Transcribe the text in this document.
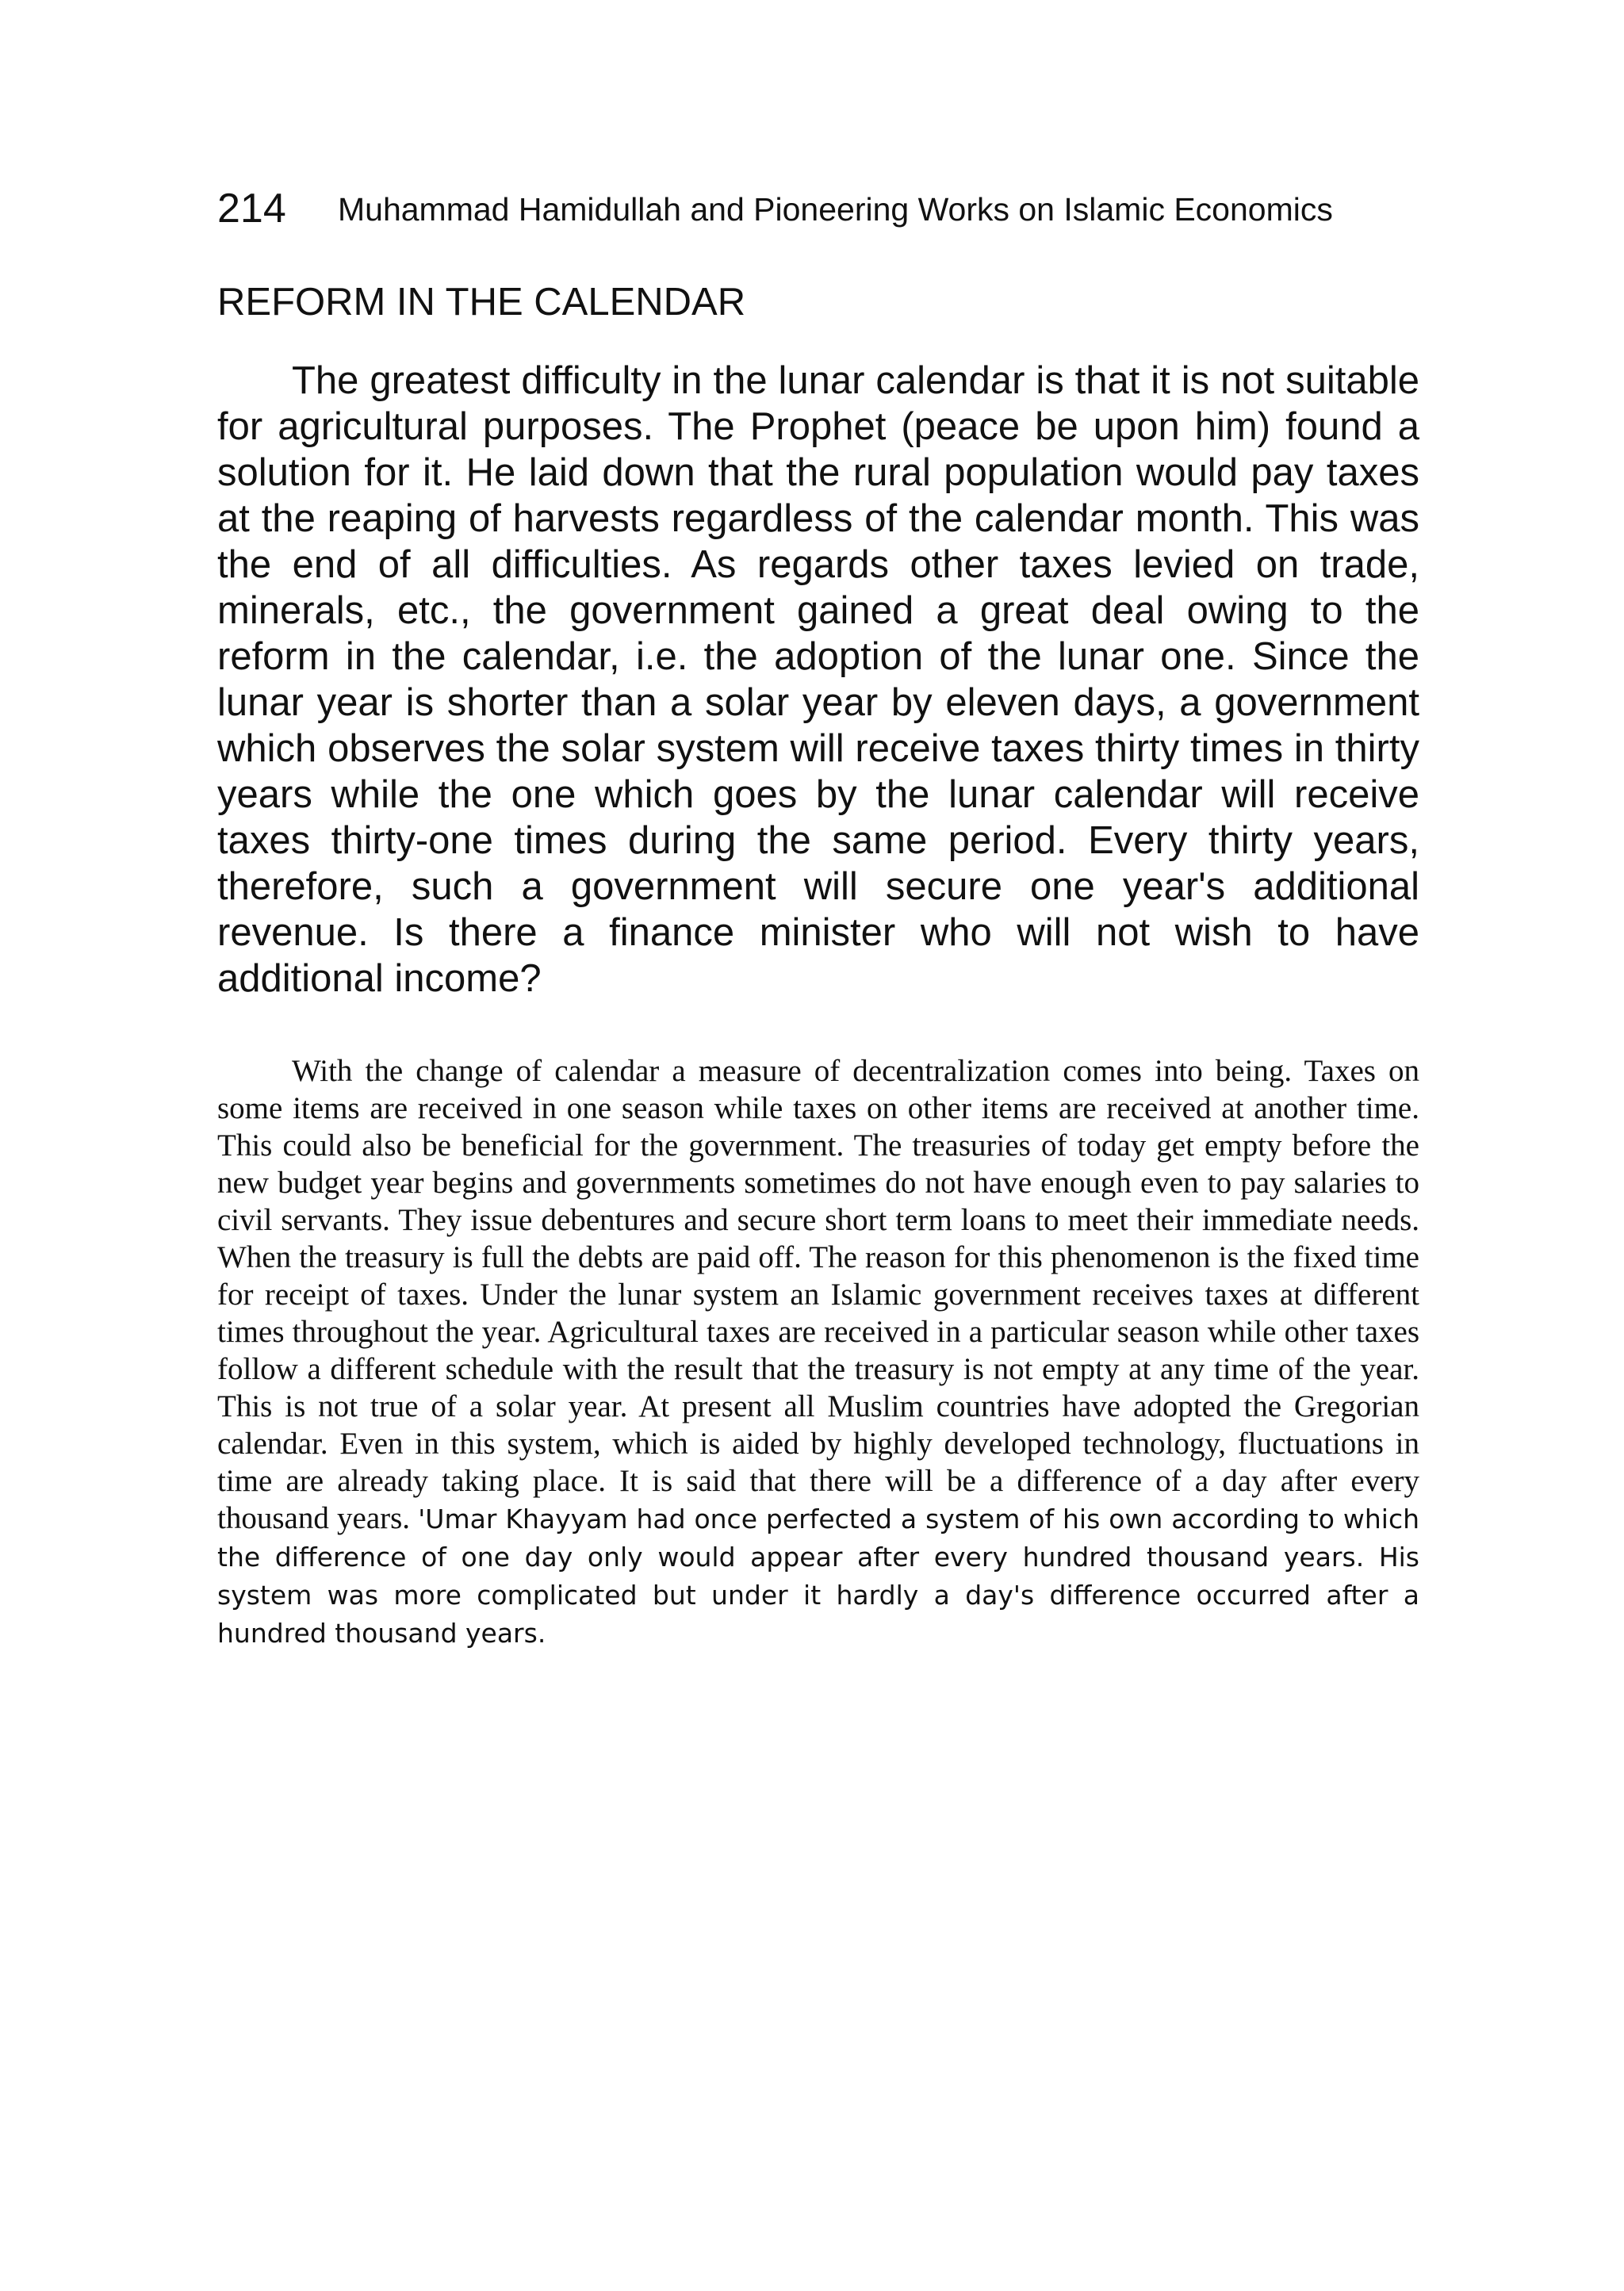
214 Muhammad Hamidullah and Pioneering Works on Islamic Economics
REFORM IN THE CALENDAR

The greatest difficulty in the lunar calendar is that it is not suitable for agricultural purposes. The Prophet (peace be upon him) found a solution for it. He laid down that the rural population would pay taxes at the reaping of harvests regardless of the calendar month. This was the end of all difficulties. As regards other taxes levied on trade, minerals, etc., the government gained a great deal owing to the reform in the calendar, i.e. the adoption of the lunar one. Since the lunar year is shorter than a solar year by eleven days, a government which observes the solar system will receive taxes thirty times in thirty years while the one which goes by the lunar calendar will receive taxes thirty-one times during the same period. Every thirty years, therefore, such a government will secure one year's additional revenue. Is there a finance minister who will not wish to have additional income?

With the change of calendar a measure of decentralization comes into being. Taxes on some items are received in one season while taxes on other items are received at another time. This could also be beneficial for the government. The treasuries of today get empty before the new budget year begins and governments sometimes do not have enough even to pay salaries to civil servants. They issue debentures and secure short term loans to meet their immediate needs. When the treasury is full the debts are paid off. The reason for this phenomenon is the fixed time for receipt of taxes. Under the lunar system an Islamic government receives taxes at different times throughout the year. Agricultural taxes are received in a particular season while other taxes follow a different schedule with the result that the treasury is not empty at any time of the year. This is not true of a solar year. At present all Muslim countries have adopted the Gregorian calendar. Even in this system, which is aided by highly developed technology, fluctuations in time are already taking place. It is said that there will be a difference of a day after every thousand years. 'Umar Khayyam had once perfected a system of his own according to which the difference of one day only would appear after every hundred thousand years. His system was more complicated but under it hardly a day's difference occurred after a hundred thousand years.
